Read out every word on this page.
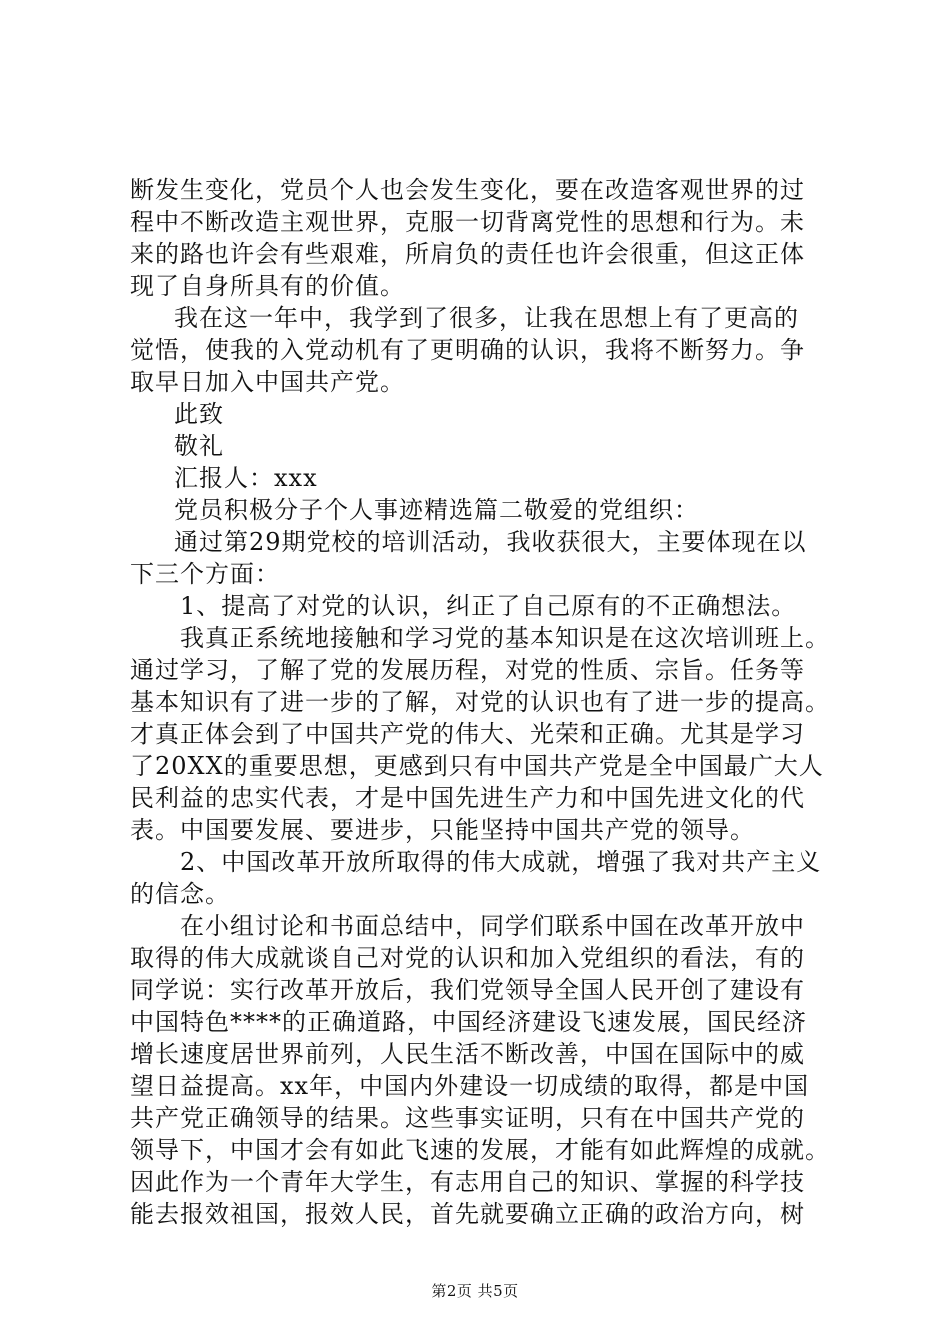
断发生变化，党员个人也会发生变化，要在改造客观世界的过
程中不断改造主观世界，克服一切背离党性的思想和行为。未
来的路也许会有些艰难，所肩负的责任也许会很重，但这正体
现了自身所具有的价值。
我在这一年中，我学到了很多，让我在思想上有了更高的
觉悟，使我的入党动机有了更明确的认识，我将不断努力。争
取早日加入中国共产党。
此致
敬礼
汇报人：xxx
党员积极分子个人事迹精选篇二敬爱的党组织：
通过第29期党校的培训活动，我收获很大，主要体现在以
下三个方面：
1、提高了对党的认识，纠正了自己原有的不正确想法。
我真正系统地接触和学习党的基本知识是在这次培训班上。
通过学习，了解了党的发展历程，对党的性质、宗旨。任务等
基本知识有了进一步的了解，对党的认识也有了进一步的提高。
才真正体会到了中国共产党的伟大、光荣和正确。尤其是学习
了20XX的重要思想，更感到只有中国共产党是全中国最广大人
民利益的忠实代表，才是中国先进生产力和中国先进文化的代
表。中国要发展、要进步，只能坚持中国共产党的领导。
2、中国改革开放所取得的伟大成就，增强了我对共产主义
的信念。
在小组讨论和书面总结中，同学们联系中国在改革开放中
取得的伟大成就谈自己对党的认识和加入党组织的看法，有的
同学说：实行改革开放后，我们党领导全国人民开创了建设有
中国特色****的正确道路，中国经济建设飞速发展，国民经济
增长速度居世界前列，人民生活不断改善，中国在国际中的威
望日益提高。xx年，中国内外建设一切成绩的取得，都是中国
共产党正确领导的结果。这些事实证明，只有在中国共产党的
领导下，中国才会有如此飞速的发展，才能有如此辉煌的成就。
因此作为一个青年大学生，有志用自己的知识、掌握的科学技
能去报效祖国，报效人民，首先就要确立正确的政治方向，树
第2页 共5页
